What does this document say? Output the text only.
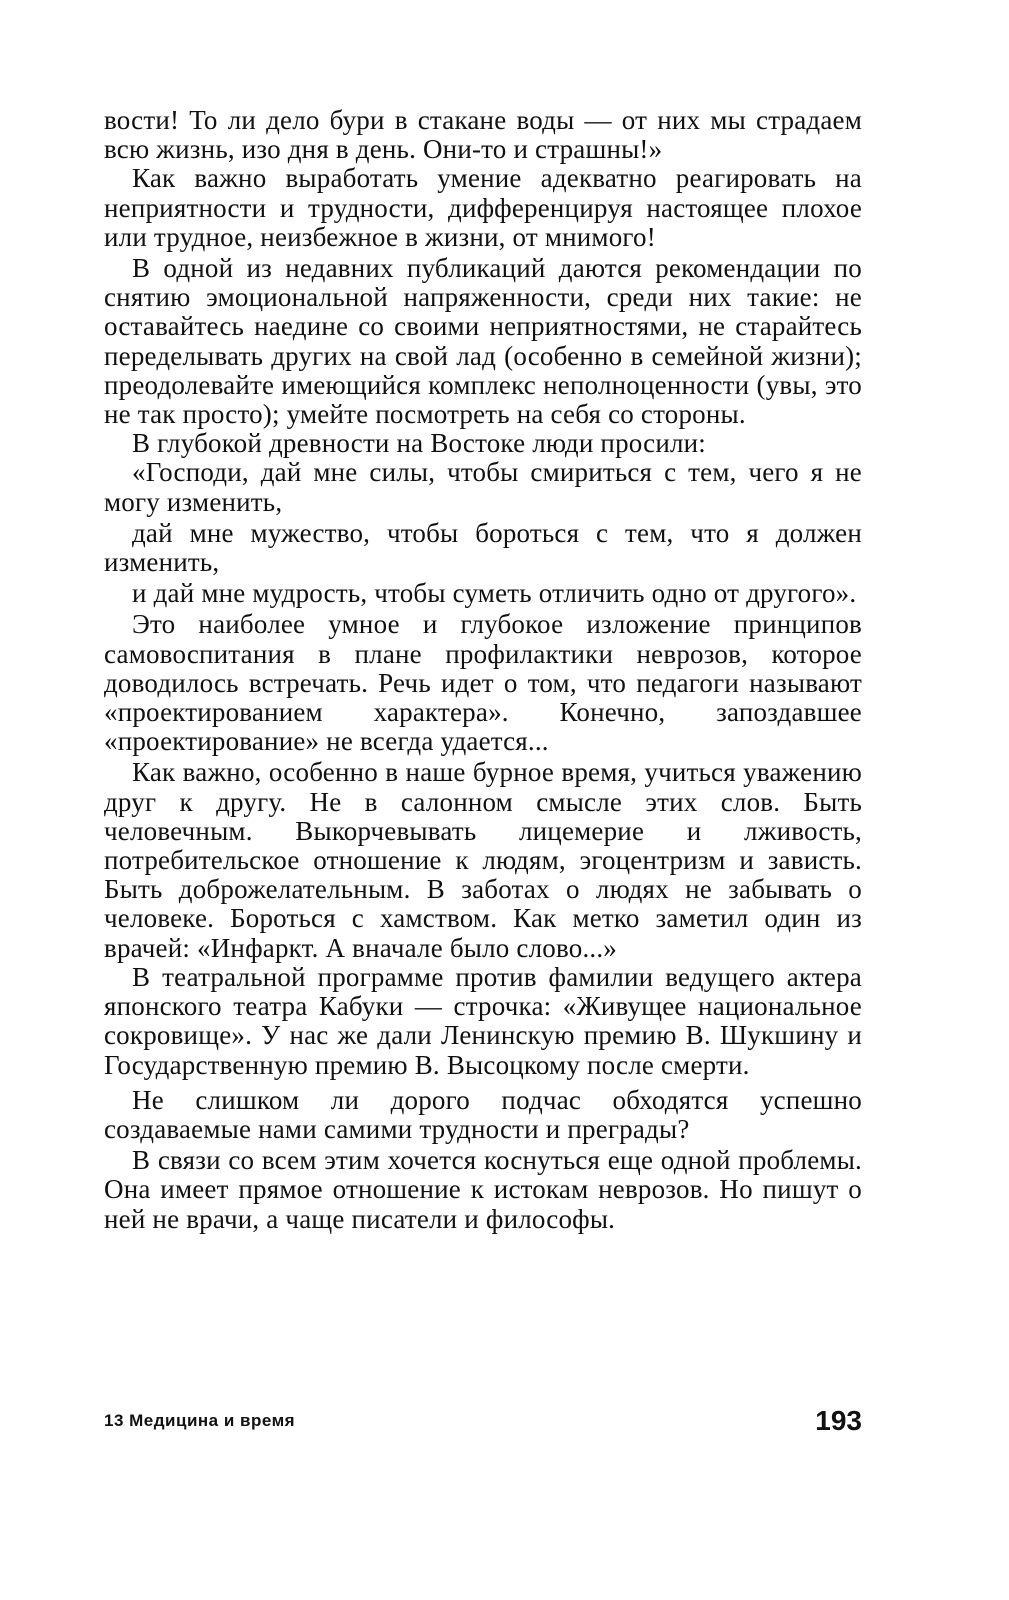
вости! То ли дело бури в стакане воды — от них мы страдаем всю жизнь, изо дня в день. Они-то и страшны!»

Как важно выработать умение адекватно реагировать на неприятности и трудности, дифференцируя настоящее плохое или трудное, неизбежное в жизни, от мнимого!

В одной из недавних публикаций даются рекомендации по снятию эмоциональной напряженности, среди них такие: не оставайтесь наедине со своими неприятностями, не старайтесь переделывать других на свой лад (особенно в семейной жизни); преодолевайте имеющийся комплекс неполноценности (увы, это не так просто); умейте посмотреть на себя со стороны.

В глубокой древности на Востоке люди просили:

«Господи, дай мне силы, чтобы смириться с тем, чего я не могу изменить,

дай мне мужество, чтобы бороться с тем, что я должен изменить,

и дай мне мудрость, чтобы суметь отличить одно от другого».

Это наиболее умное и глубокое изложение принципов самовоспитания в плане профилактики неврозов, которое доводилось встречать. Речь идет о том, что педагоги называют «проектированием характера». Конечно, запоздавшее «проектирование» не всегда удается...

Как важно, особенно в наше бурное время, учиться уважению друг к другу. Не в салонном смысле этих слов. Быть человечным. Выкорчевывать лицемерие и лживость, потребительское отношение к людям, эгоцентризм и зависть. Быть доброжелательным. В заботах о людях не забывать о человеке. Бороться с хамством. Как метко заметил один из врачей: «Инфаркт. А вначале было слово...»

В театральной программе против фамилии ведущего актера японского театра Кабуки — строчка: «Живущее национальное сокровище». У нас же дали Ленинскую премию В. Шукшину и Государственную премию В. Высоцкому после смерти.

Не слишком ли дорого подчас обходятся успешно создаваемые нами самими трудности и преграды?

В связи со всем этим хочется коснуться еще одной проблемы. Она имеет прямое отношение к истокам неврозов. Но пишут о ней не врачи, а чаще писатели и философы.

13 Медицина и время	193
